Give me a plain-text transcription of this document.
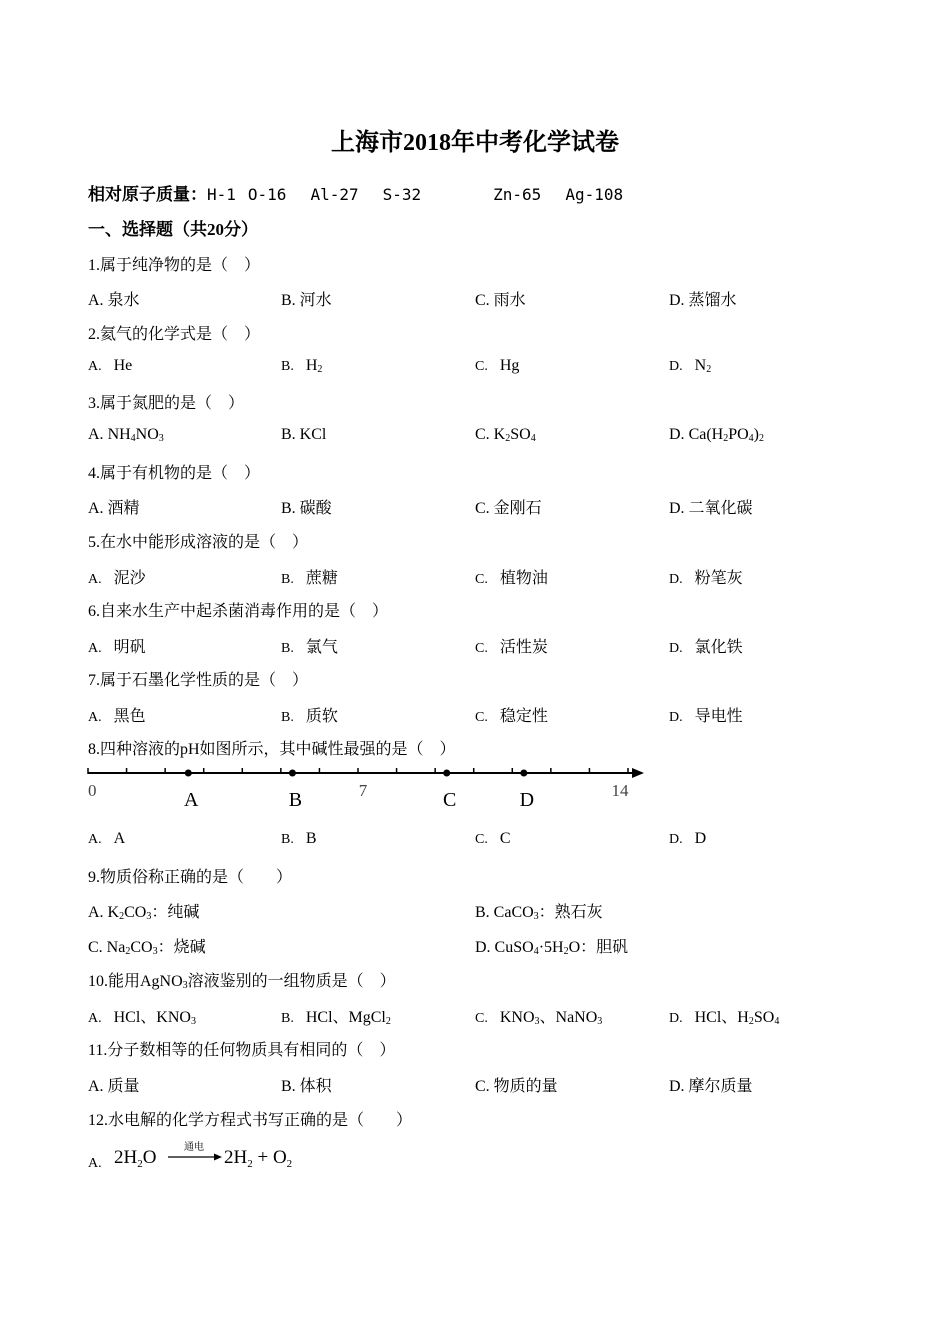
上海市2018年中考化学试卷
相对原子质量：H-1 O-16 Al-27 S-32	Zn-65 Ag-108
一、选择题（共20分）
1.属于纯净物的是（　）
A. 泉水	B. 河水	C. 雨水	D. 蒸馏水
2.氦气的化学式是（　）
A. He	B. $H_2$	C. Hg	D. $N_2$
3.属于氮肥的是（　）
A. $NH_4NO_3$	B. KCl	C. $K_2SO_4$	D. $Ca(H_2PO_4)_2$
4.属于有机物的是（　）
A. 酒精	B. 碳酸	C. 金刚石	D. 二氧化碳
5.在水中能形成溶液的是（　）
A. 泥沙	B. 蔗糖	C. 植物油	D. 粉笔灰
6.自来水生产中起杀菌消毒作用的是（　）
A. 明矾	B. 氯气	C. 活性炭	D. 氯化铁
7.属于石墨化学性质的是（　）
A. 黑色	B. 质软	C. 稳定性	D. 导电性
8.四种溶液的pH如图所示，其中碱性最强的是（　）
A	B	C	D
0	7	14
A. A	B. B	C. C	D. D
9.物质俗称正确的是（　　）
A. $K_2CO_3$：纯碱	B. CaCO$_3$：熟石灰
C. $Na_2CO_3$：烧碱	D. $CuSO_4\cdot 5H_2O$：胆矾
10.能用AgNO$_3$溶液鉴别的一组物质是（　）
A. HCl、$KNO_3$	B. HCl、MgCl$_2$	C. $KNO_3$、NaNO$_3$	D. HCl、$H_2SO_4$
11.分子数相等的任何物质具有相同的（　）
A. 质量	B. 体积	C. 物质的量	D. 摩尔质量
12.水电解的化学方程式书写正确的是（　　）
A. $2H_2O$	通电 $2H_2 + O_2$
